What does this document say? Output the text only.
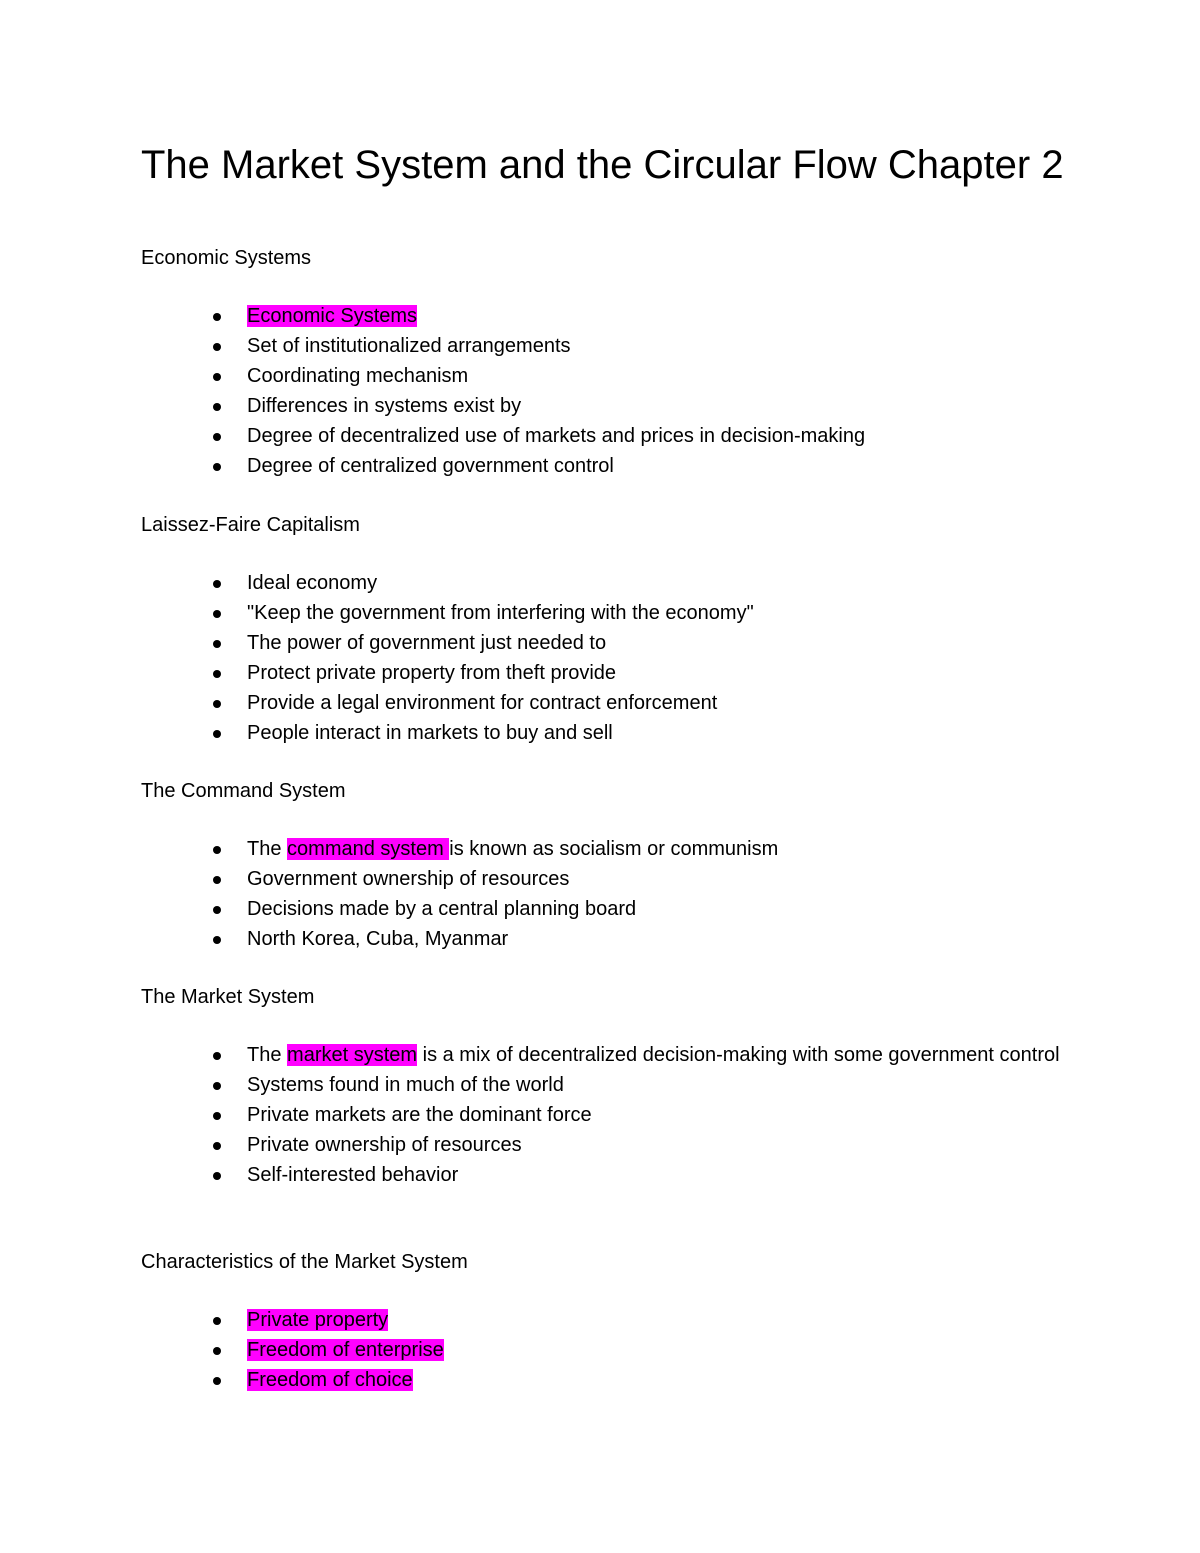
The Market System and the Circular Flow Chapter 2
Economic Systems
Economic Systems
Set of institutionalized arrangements
Coordinating mechanism
Differences in systems exist by
Degree of decentralized use of markets and prices in decision-making
Degree of centralized government control
Laissez-Faire Capitalism
Ideal economy
"Keep the government from interfering with the economy"
The power of government just needed to
Protect private property from theft provide
Provide a legal environment for contract enforcement
People interact in markets to buy and sell
The Command System
The command system is known as socialism or communism
Government ownership of resources
Decisions made by a central planning board
North Korea, Cuba, Myanmar
The Market System
The market system is a mix of decentralized decision-making with some government control
Systems found in much of the world
Private markets are the dominant force
Private ownership of resources
Self-interested behavior
Characteristics of the Market System
Private property
Freedom of enterprise
Freedom of choice
